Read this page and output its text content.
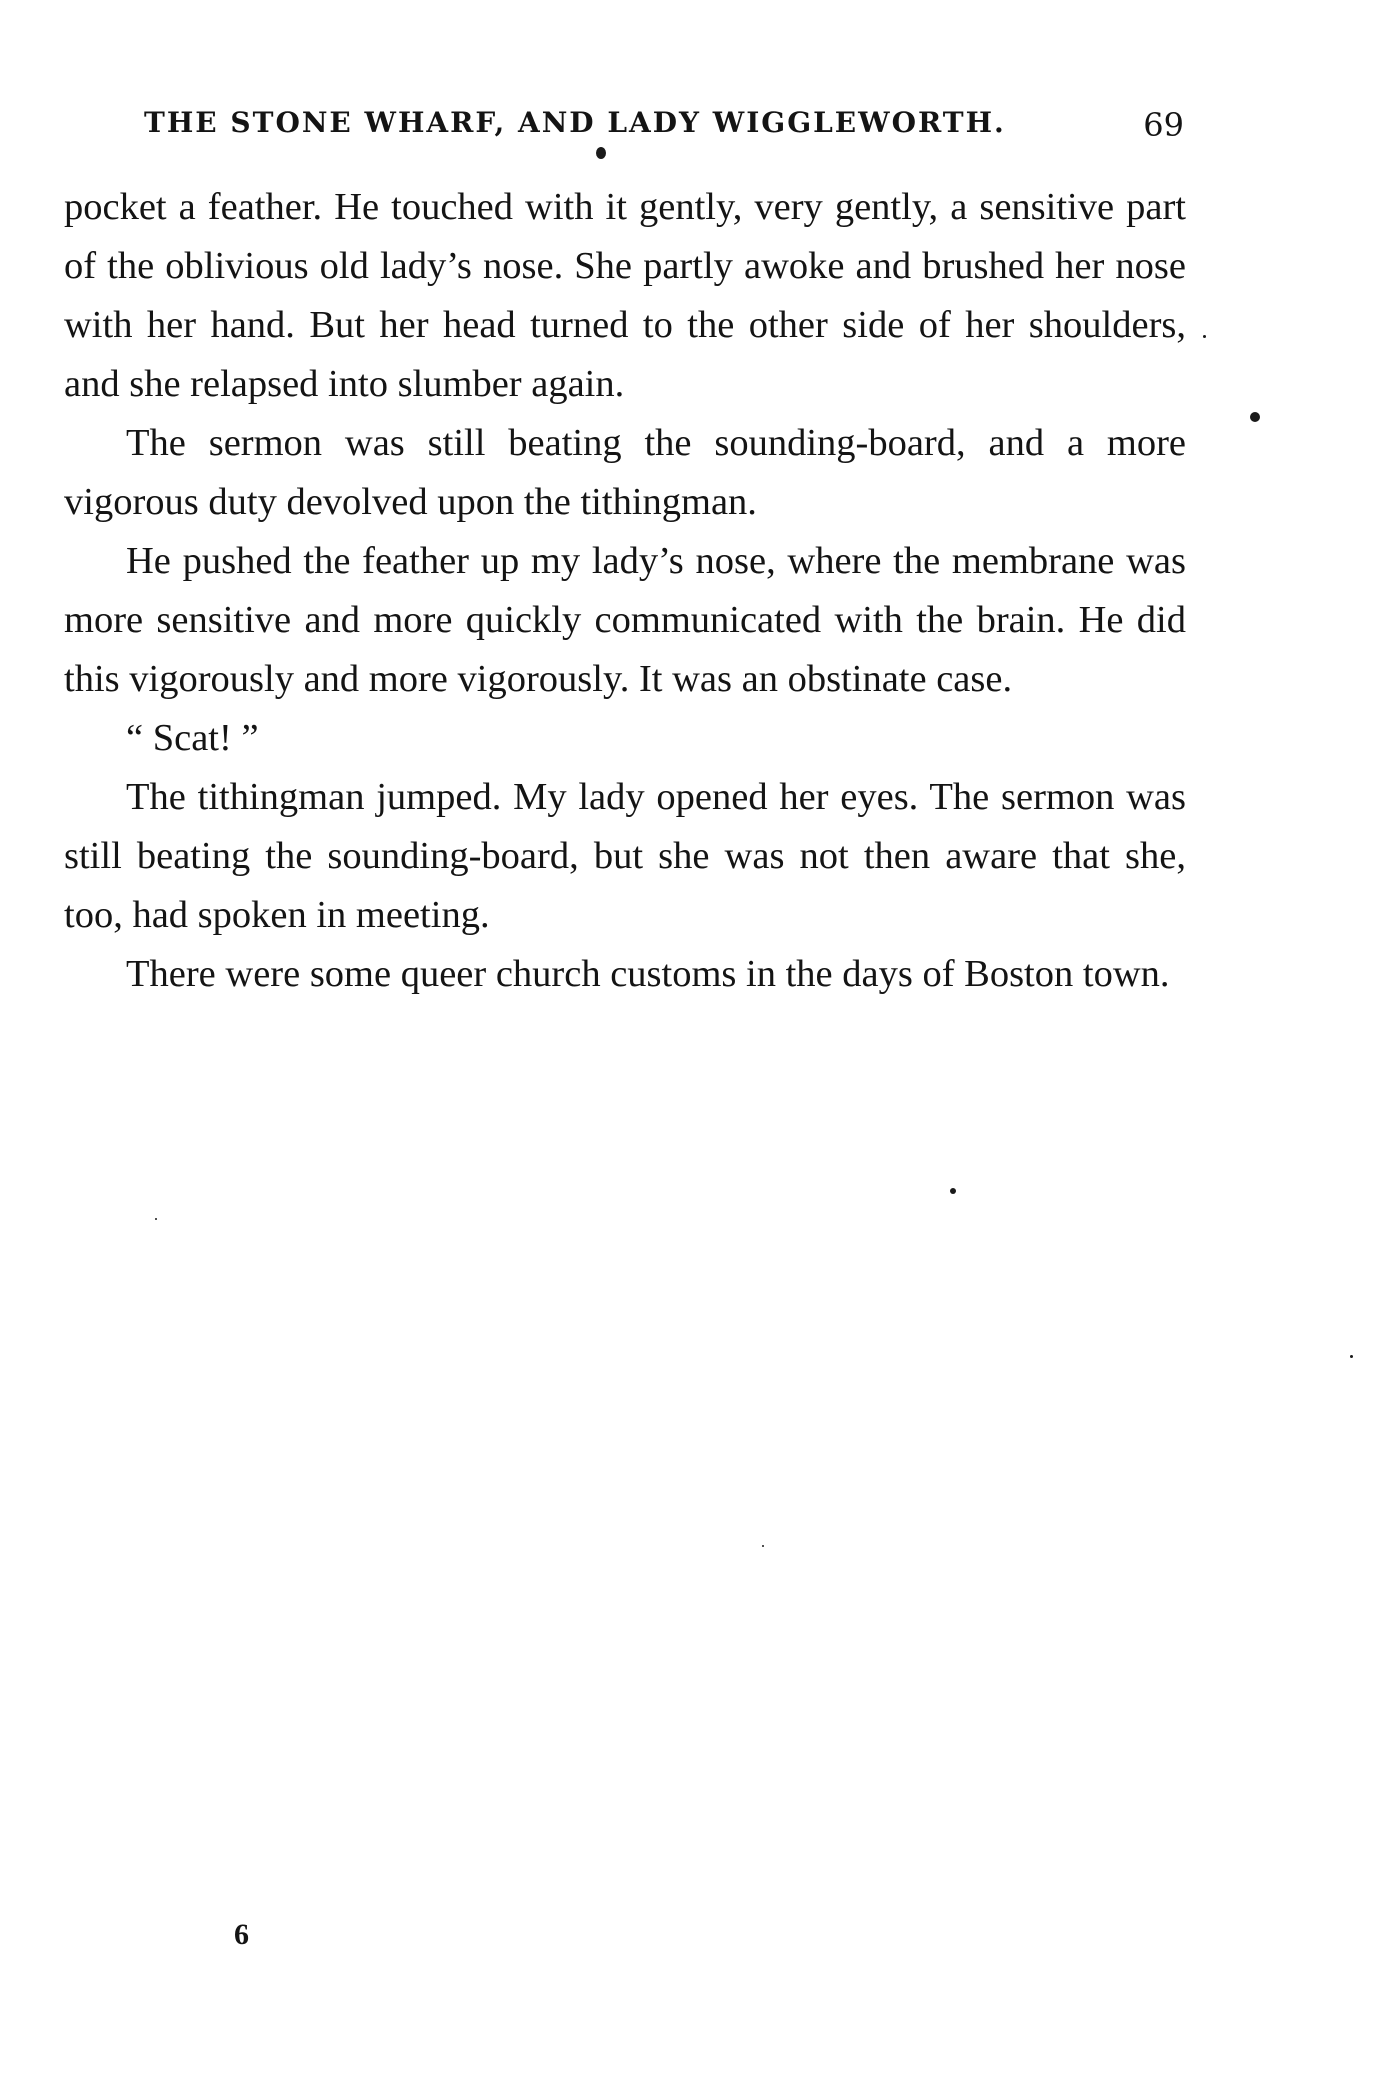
THE STONE WHARF, AND LADY WIGGLEWORTH.	69

pocket a feather. He touched with it gently, very gently, a sensitive part of the oblivious old lady’s nose. She partly awoke and brushed her nose with her hand. But her head turned to the other side of her shoulders, and she relapsed into slumber again.

The sermon was still beating the sounding-board, and a more vigorous duty devolved upon the tithingman.

He pushed the feather up my lady’s nose, where the membrane was more sensitive and more quickly communicated with the brain. He did this vigorously and more vigorously. It was an obstinate case.

“ Scat! ”

The tithingman jumped. My lady opened her eyes. The sermon was still beating the sounding-board, but she was not then aware that she, too, had spoken in meeting.

There were some queer church customs in the days of Boston town.

6
